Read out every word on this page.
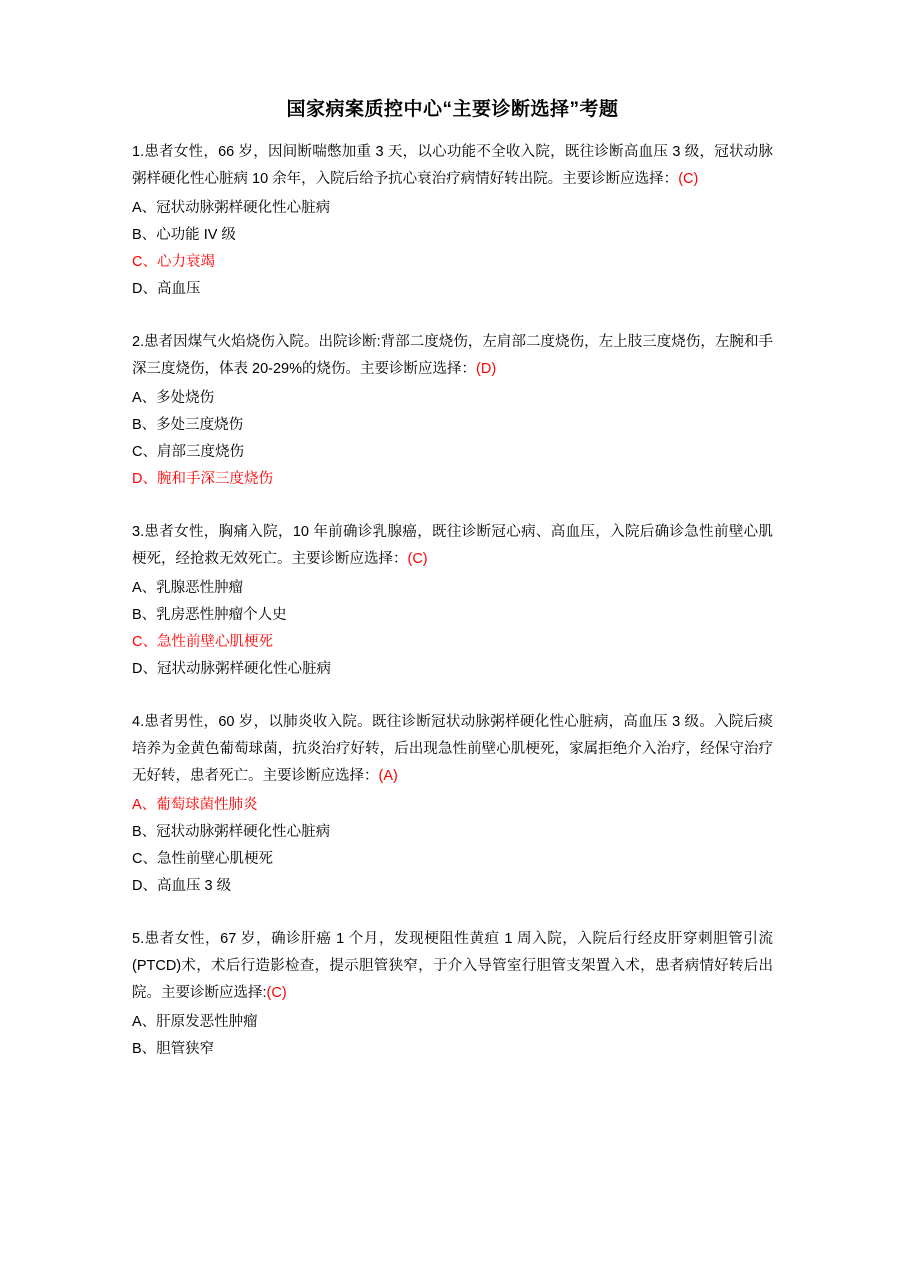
国家病案质控中心“主要诊断选择”考题

1.患者女性，66 岁，因间断喘憋加重 3 天，以心功能不全收入院，既往诊断高血压 3 级，冠状动脉粥样硬化性心脏病 10 余年，入院后给予抗心衰治疗病情好转出院。主要诊断应选择：(C)

A、冠状动脉粥样硬化性心脏病

B、心功能 IV 级

C、心力衰竭

D、高血压

2.患者因煤气火焰烧伤入院。出院诊断:背部二度烧伤，左肩部二度烧伤，左上肢三度烧伤，左腕和手深三度烧伤，体表 20-29%的烧伤。主要诊断应选择：(D)

A、多处烧伤

B、多处三度烧伤

C、肩部三度烧伤

D、腕和手深三度烧伤

3.患者女性，胸痛入院，10 年前确诊乳腺癌，既往诊断冠心病、高血压，入院后确诊急性前壁心肌梗死，经抢救无效死亡。主要诊断应选择：(C)

A、乳腺恶性肿瘤

B、乳房恶性肿瘤个人史

C、急性前壁心肌梗死

D、冠状动脉粥样硬化性心脏病

4.患者男性，60 岁，以肺炎收入院。既往诊断冠状动脉粥样硬化性心脏病，高血压 3 级。入院后痰培养为金黄色葡萄球菌，抗炎治疗好转，后出现急性前壁心肌梗死，家属拒绝介入治疗，经保守治疗无好转，患者死亡。主要诊断应选择：(A)

A、葡萄球菌性肺炎

B、冠状动脉粥样硬化性心脏病

C、急性前壁心肌梗死

D、高血压 3 级

5.患者女性，67 岁，确诊肝癌 1 个月，发现梗阻性黄疸 1 周入院，入院后行经皮肝穿刺胆管引流(PTCD)术，术后行造影检查，提示胆管狭窄，于介入导管室行胆管支架置入术，患者病情好转后出院。主要诊断应选择:(C)

A、肝原发恶性肿瘤

B、胆管狭窄
